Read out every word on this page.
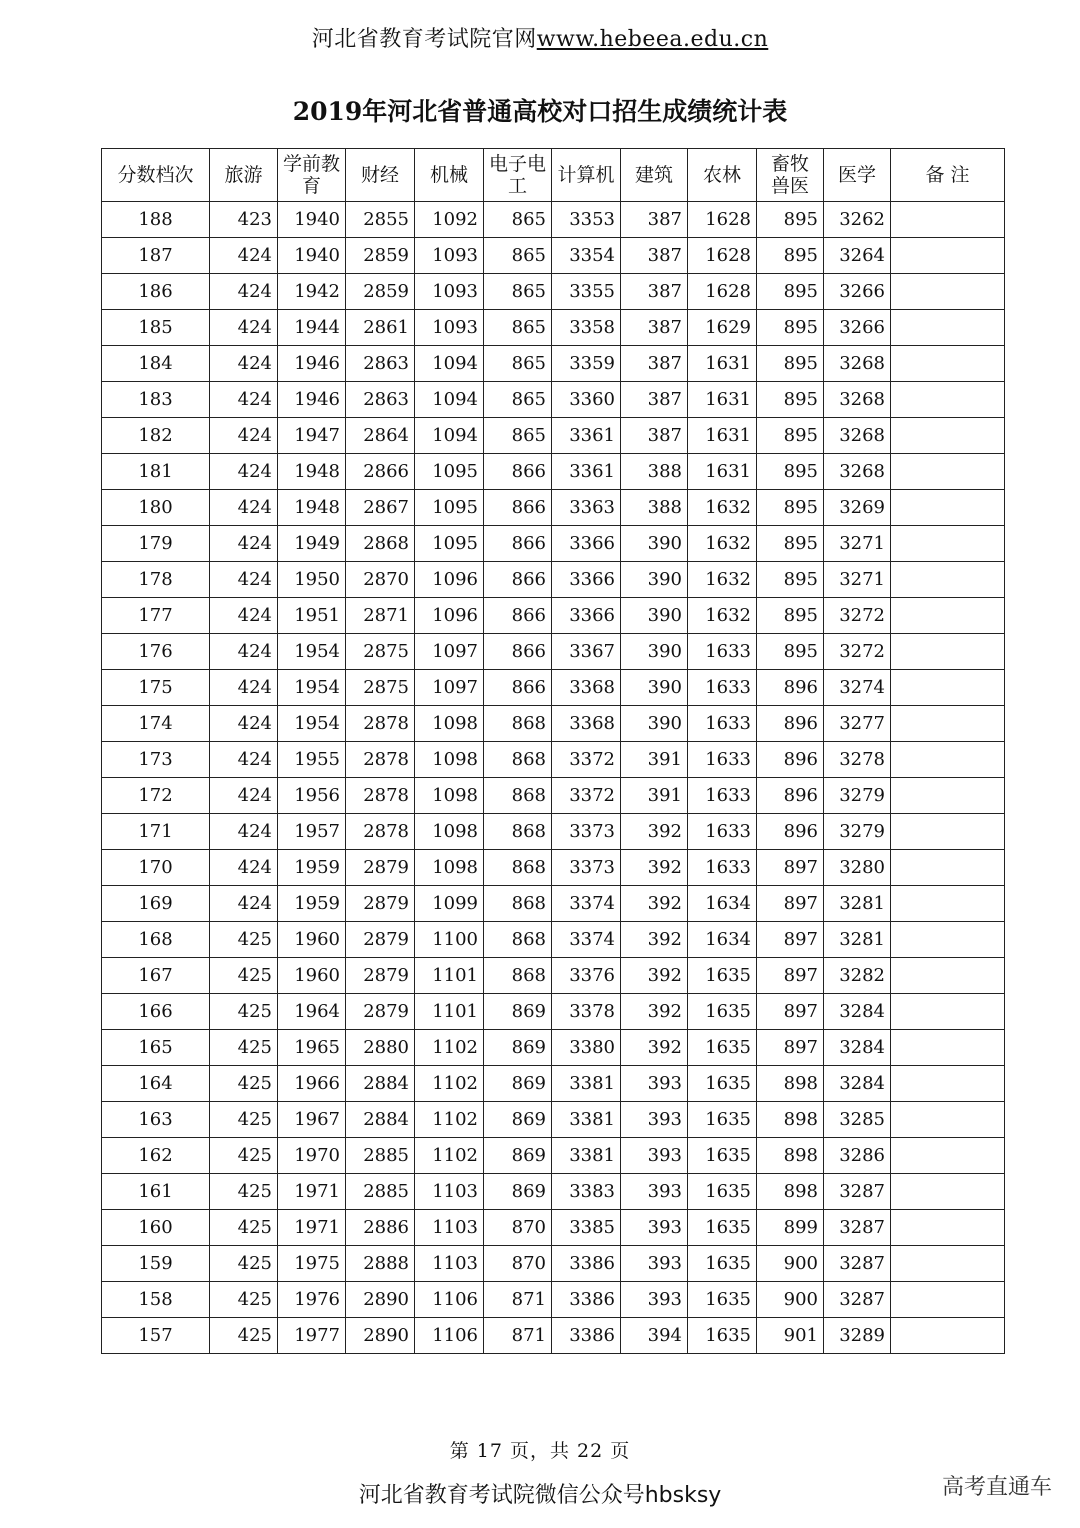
河北省教育考试院官网www.hebeea.edu.cn
2019年河北省普通高校对口招生成绩统计表
分数档次	旅游	学前教育	财经	机械	电子电工	计算机	建筑	农林	畜牧兽医	医学	备 注
188	423	1940	2855	1092	865	3353	387	1628	895	3262	
187	424	1940	2859	1093	865	3354	387	1628	895	3264	
186	424	1942	2859	1093	865	3355	387	1628	895	3266	
185	424	1944	2861	1093	865	3358	387	1629	895	3266	
184	424	1946	2863	1094	865	3359	387	1631	895	3268	
183	424	1946	2863	1094	865	3360	387	1631	895	3268	
182	424	1947	2864	1094	865	3361	387	1631	895	3268	
181	424	1948	2866	1095	866	3361	388	1631	895	3268	
180	424	1948	2867	1095	866	3363	388	1632	895	3269	
179	424	1949	2868	1095	866	3366	390	1632	895	3271	
178	424	1950	2870	1096	866	3366	390	1632	895	3271	
177	424	1951	2871	1096	866	3366	390	1632	895	3272	
176	424	1954	2875	1097	866	3367	390	1633	895	3272	
175	424	1954	2875	1097	866	3368	390	1633	896	3274	
174	424	1954	2878	1098	868	3368	390	1633	896	3277	
173	424	1955	2878	1098	868	3372	391	1633	896	3278	
172	424	1956	2878	1098	868	3372	391	1633	896	3279	
171	424	1957	2878	1098	868	3373	392	1633	896	3279	
170	424	1959	2879	1098	868	3373	392	1633	897	3280	
169	424	1959	2879	1099	868	3374	392	1634	897	3281	
168	425	1960	2879	1100	868	3374	392	1634	897	3281	
167	425	1960	2879	1101	868	3376	392	1635	897	3282	
166	425	1964	2879	1101	869	3378	392	1635	897	3284	
165	425	1965	2880	1102	869	3380	392	1635	897	3284	
164	425	1966	2884	1102	869	3381	393	1635	898	3284	
163	425	1967	2884	1102	869	3381	393	1635	898	3285	
162	425	1970	2885	1102	869	3381	393	1635	898	3286	
161	425	1971	2885	1103	869	3383	393	1635	898	3287	
160	425	1971	2886	1103	870	3385	393	1635	899	3287	
159	425	1975	2888	1103	870	3386	393	1635	900	3287	
158	425	1976	2890	1106	871	3386	393	1635	900	3287	
157	425	1977	2890	1106	871	3386	394	1635	901	3289	
第 17 页，共 22 页
河北省教育考试院微信公众号hbsksy	高考直通车
